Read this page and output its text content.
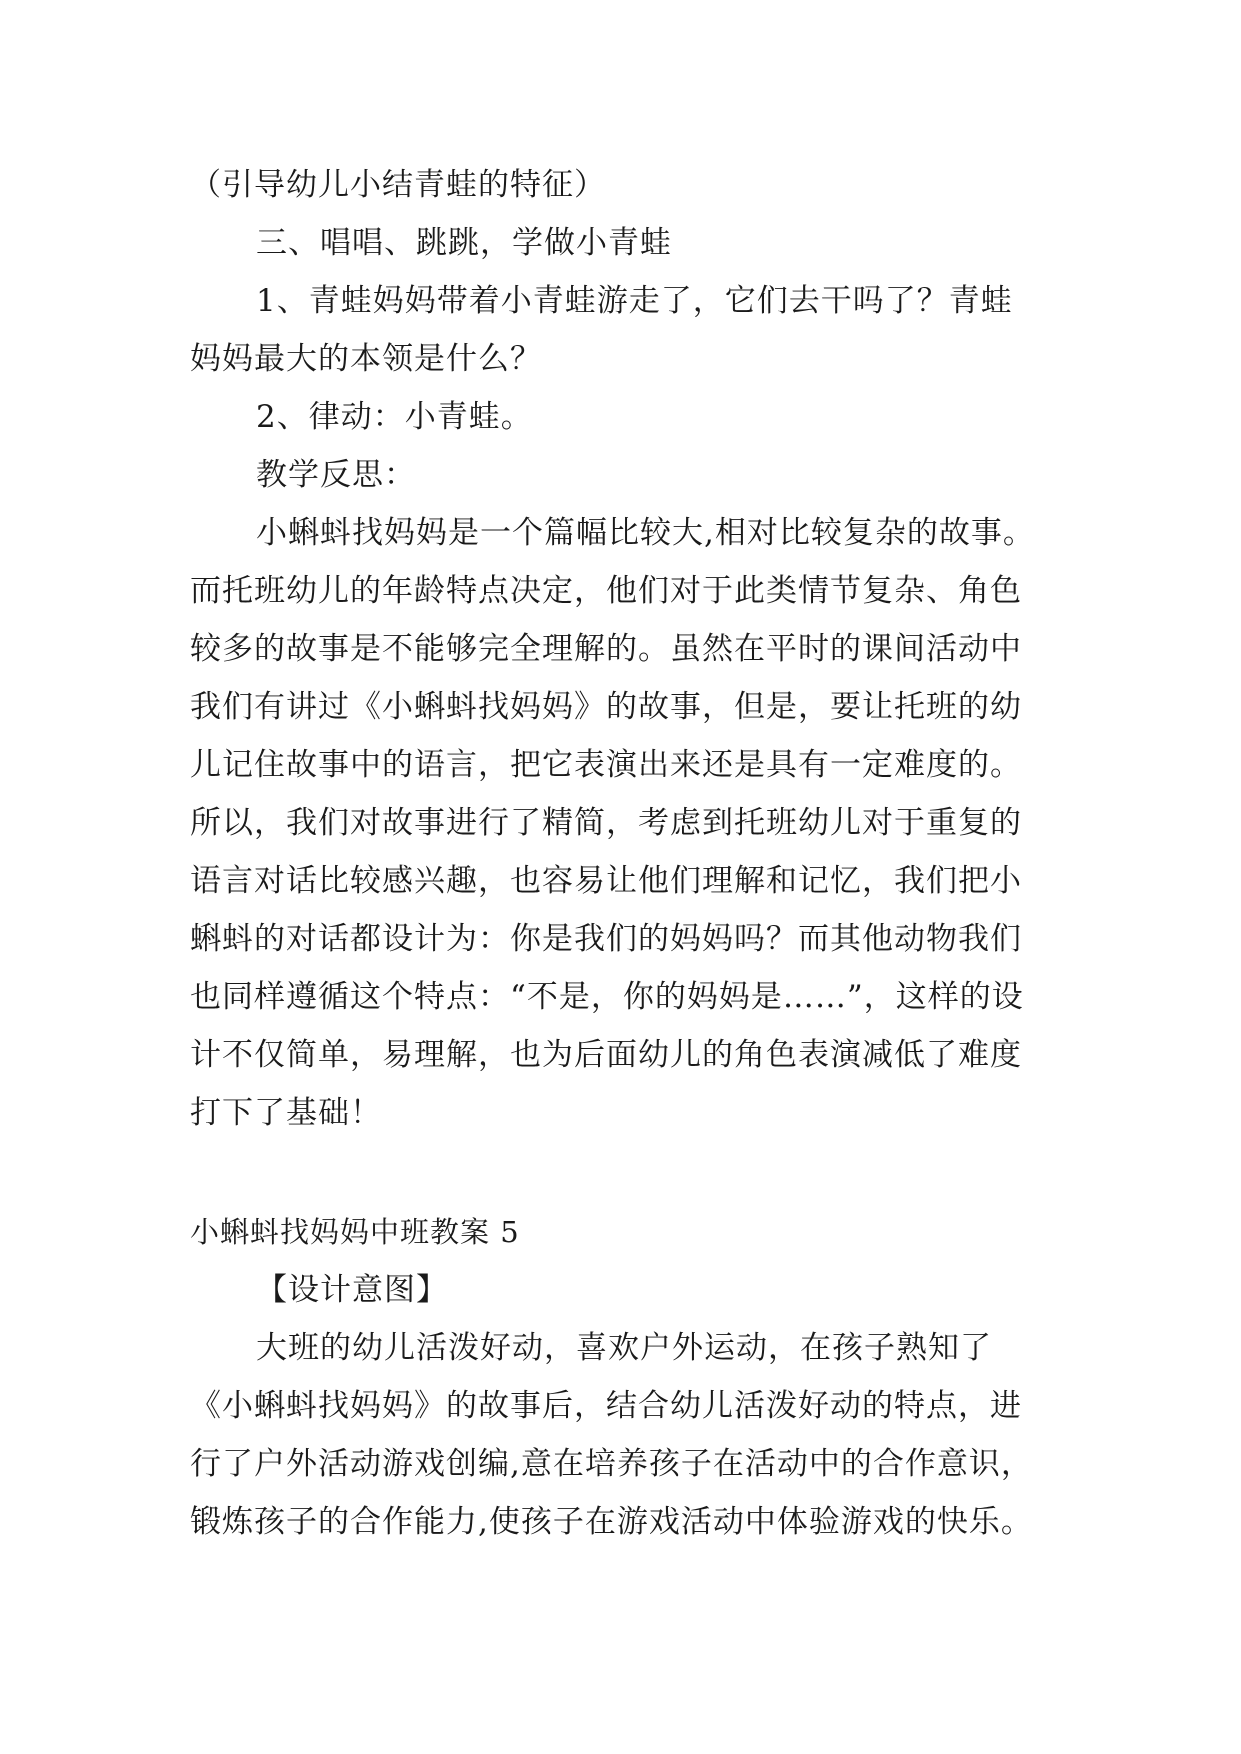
（引导幼儿小结青蛙的特征）
三、唱唱、跳跳，学做小青蛙
1、青蛙妈妈带着小青蛙游走了，它们去干吗了？青蛙
妈妈最大的本领是什么？
2、律动：小青蛙。
教学反思：
小蝌蚪找妈妈是一个篇幅比较大,相对比较复杂的故事。
而托班幼儿的年龄特点决定，他们对于此类情节复杂、角色
较多的故事是不能够完全理解的。虽然在平时的课间活动中
我们有讲过《小蝌蚪找妈妈》的故事，但是，要让托班的幼
儿记住故事中的语言，把它表演出来还是具有一定难度的。
所以，我们对故事进行了精简，考虑到托班幼儿对于重复的
语言对话比较感兴趣，也容易让他们理解和记忆，我们把小
蝌蚪的对话都设计为：你是我们的妈妈吗？而其他动物我们
也同样遵循这个特点：“不是，你的妈妈是……”，这样的设
计不仅简单，易理解，也为后面幼儿的角色表演减低了难度
打下了基础！
小蝌蚪找妈妈中班教案 5
【设计意图】
大班的幼儿活泼好动，喜欢户外运动，在孩子熟知了
《小蝌蚪找妈妈》的故事后，结合幼儿活泼好动的特点，进
行了户外活动游戏创编,意在培养孩子在活动中的合作意识，
锻炼孩子的合作能力,使孩子在游戏活动中体验游戏的快乐。
